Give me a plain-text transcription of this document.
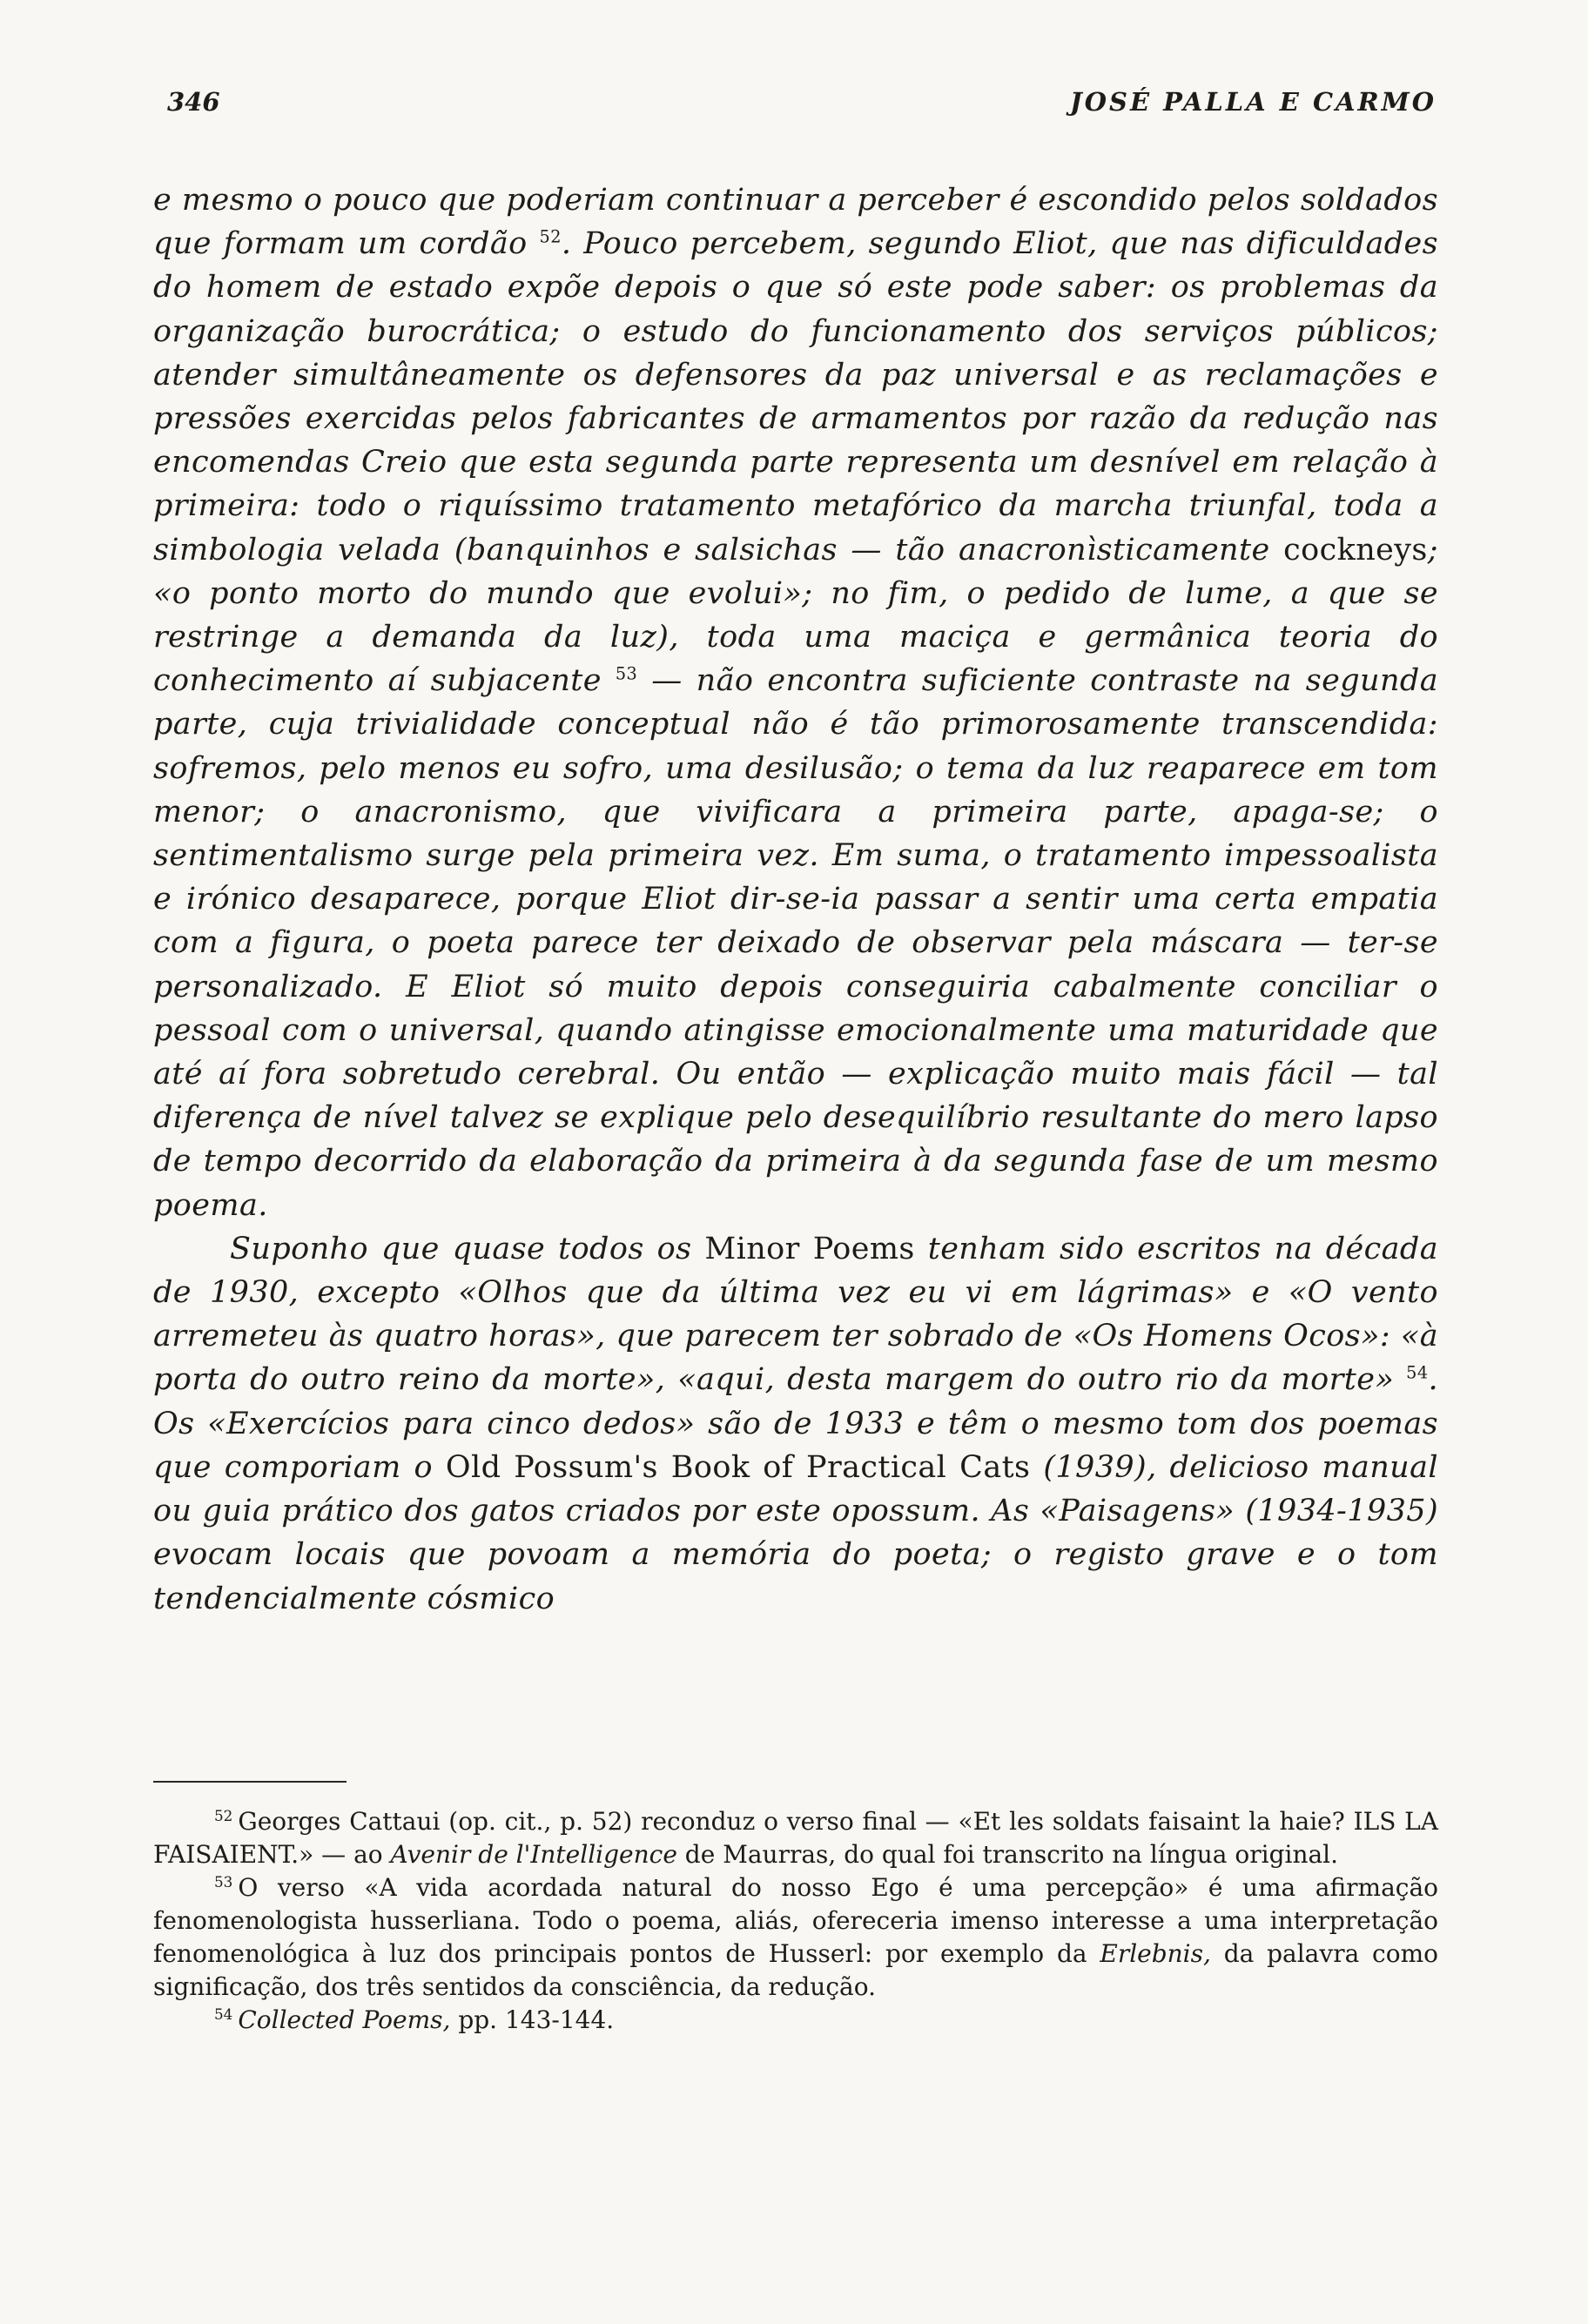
346	JOSÉ PALLA E CARMO

e mesmo o pouco que poderiam continuar a perceber é escondido pelos soldados que formam um cordão $^{52}$. Pouco percebem, segundo Eliot, que nas dificuldades do homem de estado expõe depois o que só este pode saber: os problemas da organização burocrática; o estudo do funcionamento dos serviços públicos; atender simultâneamente os defensores da paz universal e as reclamações e pressões exercidas pelos fabricantes de armamentos por razão da redução nas encomendas Creio que esta segunda parte representa um desnível em relação à primeira: todo o riquíssimo tratamento metafórico da marcha triunfal, toda a simbologia velada (banquinhos e salsichas — tão anacronìsticamente cockneys; «o ponto morto do mundo que evolui»; no fim, o pedido de lume, a que se restringe a demanda da luz), toda uma maciça e germânica teoria do conhecimento aí subjacente $^{53}$ — não encontra suficiente contraste na segunda parte, cuja trivialidade conceptual não é tão primorosamente transcendida: sofremos, pelo menos eu sofro, uma desilusão; o tema da luz reaparece em tom menor; o anacronismo, que vivificara a primeira parte, apaga-se; o sentimentalismo surge pela primeira vez. Em suma, o tratamento impessoalista e irónico desaparece, porque Eliot dir-se-ia passar a sentir uma certa empatia com a figura, o poeta parece ter deixado de observar pela máscara — ter-se personalizado. E Eliot só muito depois conseguiria cabalmente conciliar o pessoal com o universal, quando atingisse emocionalmente uma maturidade que até aí fora sobretudo cerebral. Ou então — explicação muito mais fácil — tal diferença de nível talvez se explique pelo desequilíbrio resultante do mero lapso de tempo decorrido da elaboração da primeira à da segunda fase de um mesmo poema.

Suponho que quase todos os Minor Poems tenham sido escritos na década de 1930, excepto «Olhos que da última vez eu vi em lágrimas» e «O vento arremeteu às quatro horas», que parecem ter sobrado de «Os Homens Ocos»: «à porta do outro reino da morte», «aqui, desta margem do outro rio da morte» $^{54}$. Os «Exercícios para cinco dedos» são de 1933 e têm o mesmo tom dos poemas que comporiam o Old Possum's Book of Practical Cats (1939), delicioso manual ou guia prático dos gatos criados por este opossum. As «Paisagens» (1934-1935) evocam locais que povoam a memória do poeta; o registo grave e o tom tendencialmente cósmico

$^{52}$ Georges Cattaui (op. cit., p. 52) reconduz o verso final — «Et les soldats faisaint la haie? ILS LA FAISAIENT.» — ao Avenir de l'Intelligence de Maurras, do qual foi transcrito na língua original.

$^{53}$ O verso «A vida acordada natural do nosso Ego é uma percepção» é uma afirmação fenomenologista husserliana. Todo o poema, aliás, ofereceria imenso interesse a uma interpretação fenomenológica à luz dos principais pontos de Husserl: por exemplo da Erlebnis, da palavra como significação, dos três sentidos da consciência, da redução.

$^{54}$ Collected Poems, pp. 143-144.
